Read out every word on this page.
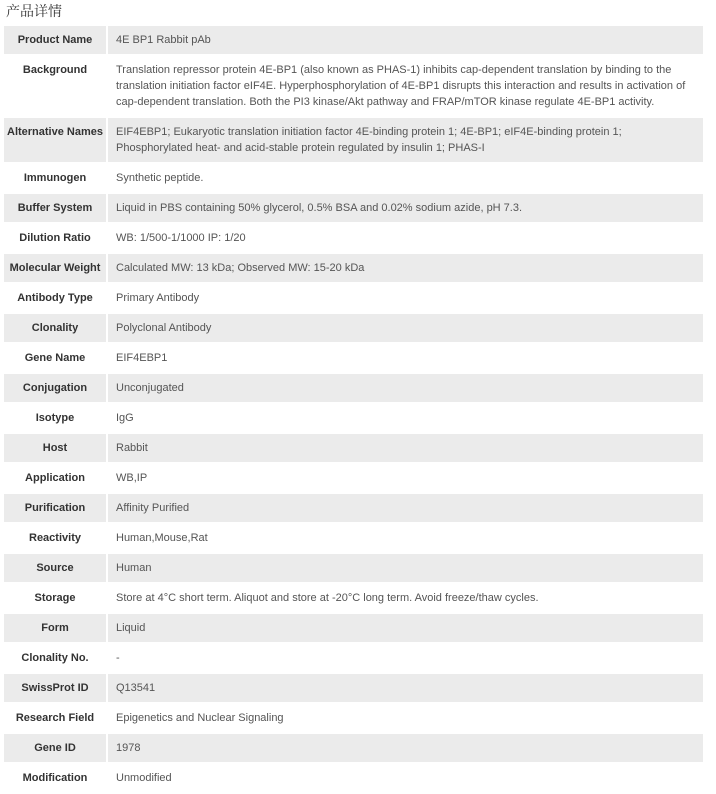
产品详情
Product Name	4E BP1 Rabbit pAb
Background	Translation repressor protein 4E-BP1 (also known as PHAS-1) inhibits cap-dependent translation by binding to the translation initiation factor eIF4E. Hyperphosphorylation of 4E-BP1 disrupts this interaction and results in activation of cap-dependent translation. Both the PI3 kinase/Akt pathway and FRAP/mTOR kinase regulate 4E-BP1 activity.
Alternative Names	EIF4EBP1; Eukaryotic translation initiation factor 4E-binding protein 1; 4E-BP1; eIF4E-binding protein 1; Phosphorylated heat- and acid-stable protein regulated by insulin 1; PHAS-I
Immunogen	Synthetic peptide.
Buffer System	Liquid in PBS containing 50% glycerol, 0.5% BSA and 0.02% sodium azide, pH 7.3.
Dilution Ratio	WB: 1/500-1/1000 IP: 1/20
Molecular Weight	Calculated MW: 13 kDa; Observed MW: 15-20 kDa
Antibody Type	Primary Antibody
Clonality	Polyclonal Antibody
Gene Name	EIF4EBP1
Conjugation	Unconjugated
Isotype	IgG
Host	Rabbit
Application	WB,IP
Purification	Affinity Purified
Reactivity	Human,Mouse,Rat
Source	Human
Storage	Store at 4°C short term. Aliquot and store at -20°C long term. Avoid freeze/thaw cycles.
Form	Liquid
Clonality No.	-
SwissProt ID	Q13541
Research Field	Epigenetics and Nuclear Signaling
Gene ID	1978
Modification	Unmodified
